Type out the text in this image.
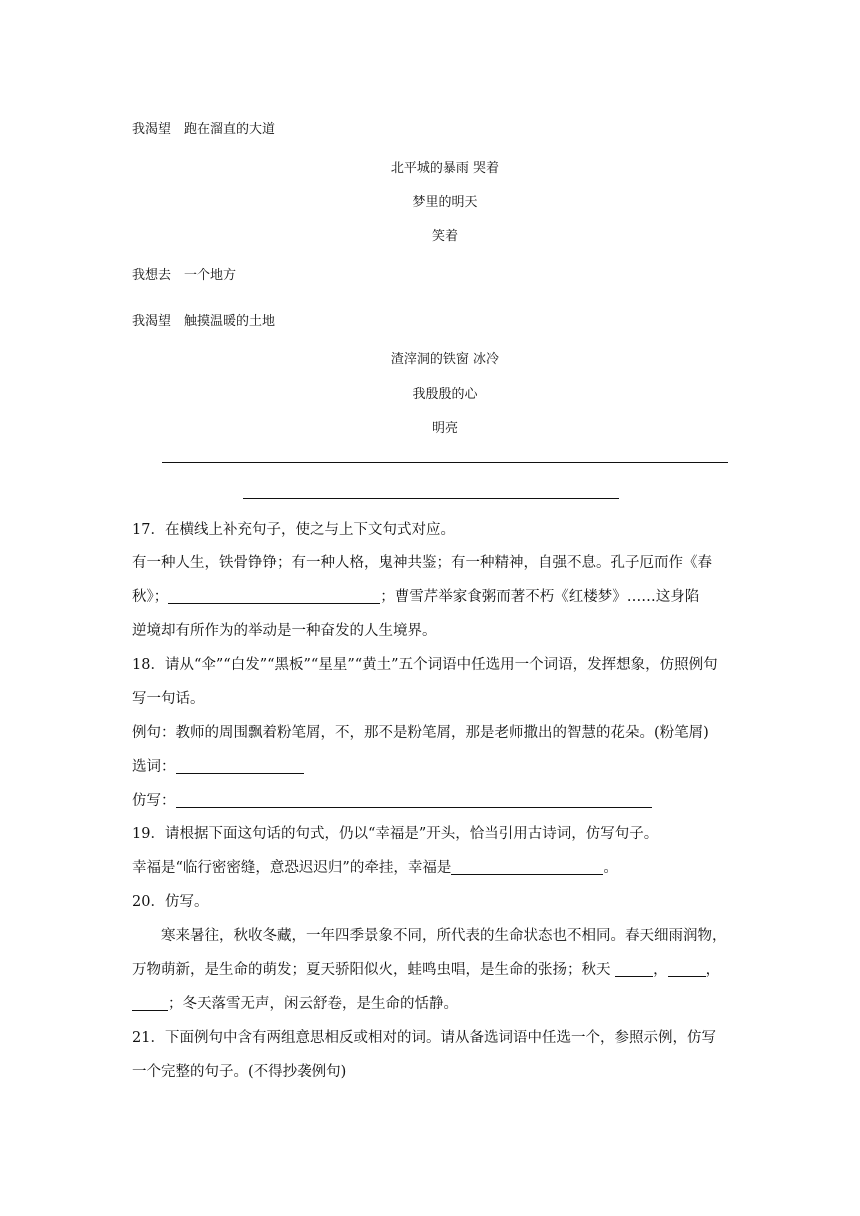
我渴望　跑在溜直的大道
北平城的暴雨 哭着
梦里的明天
笑着
我想去　一个地方
我渴望　触摸温暖的土地
渣滓洞的铁窗 冰冷
我殷殷的心
明亮
17．在横线上补充句子，使之与上下文句式对应。
有一种人生，铁骨铮铮；有一种人格，鬼神共鉴；有一种精神，自强不息。孔子厄而作《春
秋》；	；曹雪芹举家食粥而著不朽《红楼梦》……这身陷
逆境却有所作为的举动是一种奋发的人生境界。
18．请从“伞”“白发”“黑板”“星星”“黄土”五个词语中任选用一个词语，发挥想象，仿照例句
写一句话。
例句：教师的周围飘着粉笔屑，不，那不是粉笔屑，那是老师撒出的智慧的花朵。(粉笔屑)
选词：
仿写：
19．请根据下面这句话的句式，仍以“幸福是”开头，恰当引用古诗词，仿写句子。
幸福是“临行密密缝，意恐迟迟归”的牵挂，幸福是	。
20．仿写。
寒来暑往，秋收冬藏，一年四季景象不同，所代表的生命状态也不相同。春天细雨润物，
万物萌新，是生命的萌发；夏天骄阳似火，蛙鸣虫唱，是生命的张扬；秋天	，	，
；冬天落雪无声，闲云舒卷，是生命的恬静。
21．下面例句中含有两组意思相反或相对的词。请从备选词语中任选一个，参照示例，仿写
一个完整的句子。(不得抄袭例句)
